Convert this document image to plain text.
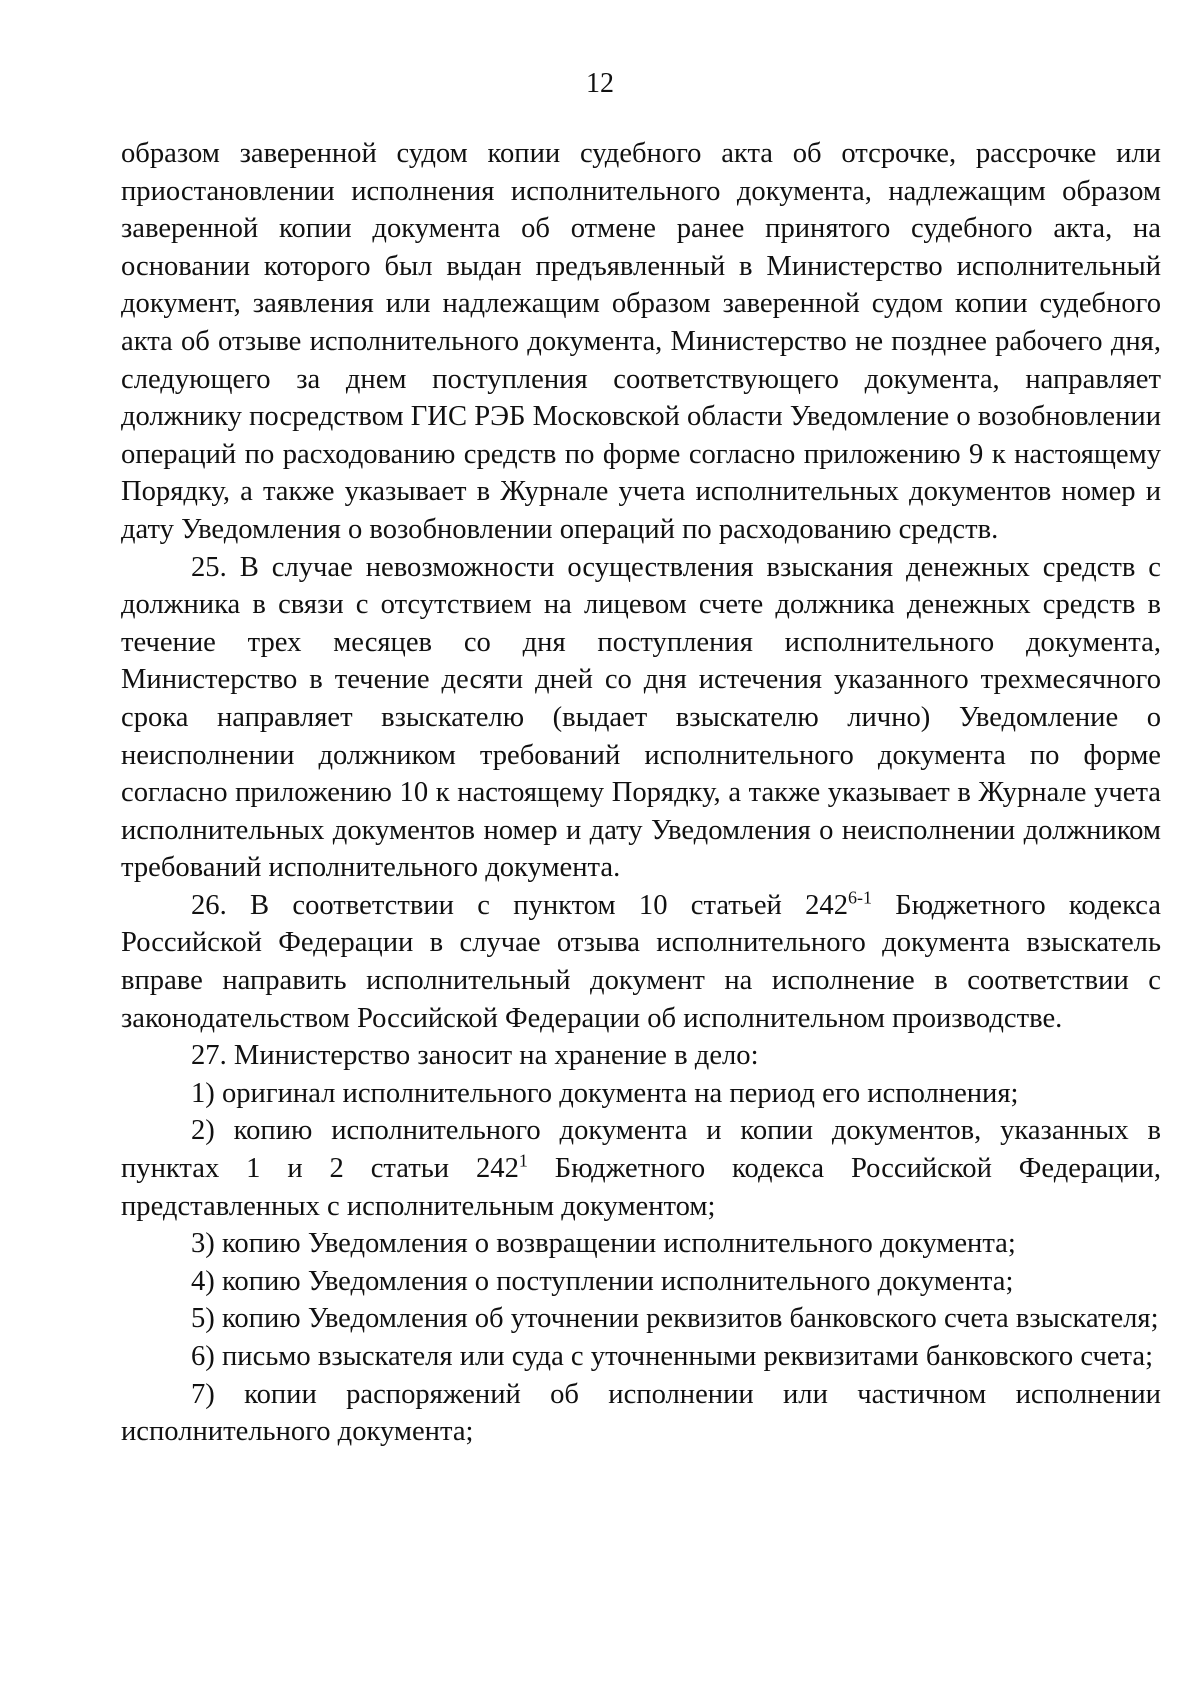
12

образом заверенной судом копии судебного акта об отсрочке, рассрочке или приостановлении исполнения исполнительного документа, надлежащим образом заверенной копии документа об отмене ранее принятого судебного акта, на основании которого был выдан предъявленный в Министерство исполнительный документ, заявления или надлежащим образом заверенной судом копии судебного акта об отзыве исполнительного документа, Министерство не позднее рабочего дня, следующего за днем поступления соответствующего документа, направляет должнику посредством ГИС РЭБ Московской области Уведомление о возобновлении операций по расходованию средств по форме согласно приложению 9 к настоящему Порядку, а также указывает в Журнале учета исполнительных документов номер и дату Уведомления о возобновлении операций по расходованию средств.

25. В случае невозможности осуществления взыскания денежных средств с должника в связи с отсутствием на лицевом счете должника денежных средств в течение трех месяцев со дня поступления исполнительного документа, Министерство в течение десяти дней со дня истечения указанного трехмесячного срока направляет взыскателю (выдает взыскателю лично) Уведомление о неисполнении должником требований исполнительного документа по форме согласно приложению 10 к настоящему Порядку, а также указывает в Журнале учета исполнительных документов номер и дату Уведомления о неисполнении должником требований исполнительного документа.

26. В соответствии с пунктом 10 статьей 242$^{6-1}$ Бюджетного кодекса Российской Федерации в случае отзыва исполнительного документа взыскатель вправе направить исполнительный документ на исполнение в соответствии с законодательством Российской Федерации об исполнительном производстве.

27. Министерство заносит на хранение в дело:

1) оригинал исполнительного документа на период его исполнения;

2) копию исполнительного документа и копии документов, указанных в пунктах 1 и 2 статьи $242^1$ Бюджетного кодекса Российской Федерации, представленных с исполнительным документом;

3) копию Уведомления о возвращении исполнительного документа;

4) копию Уведомления о поступлении исполнительного документа;

5) копию Уведомления об уточнении реквизитов банковского счета взыскателя;

6) письмо взыскателя или суда с уточненными реквизитами банковского счета;

7) копии распоряжений об исполнении или частичном исполнении исполнительного документа;
